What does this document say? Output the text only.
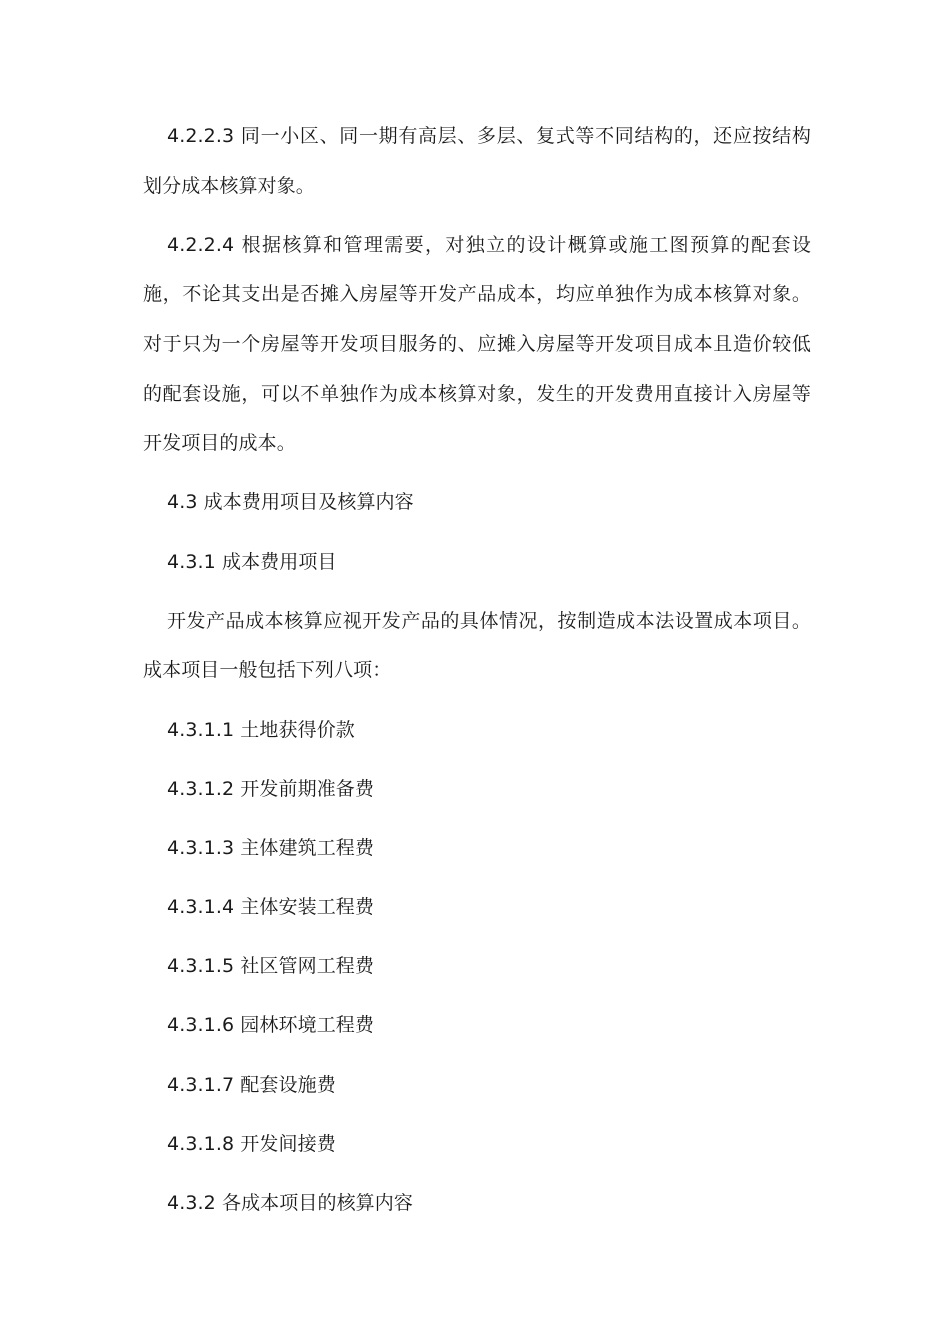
4.2.2.3 同一小区、同一期有高层、多层、复式等不同结构的，还应按结构划分成本核算对象。

4.2.2.4 根据核算和管理需要，对独立的设计概算或施工图预算的配套设施，不论其支出是否摊入房屋等开发产品成本，均应单独作为成本核算对象。对于只为一个房屋等开发项目服务的、应摊入房屋等开发项目成本且造价较低的配套设施，可以不单独作为成本核算对象，发生的开发费用直接计入房屋等开发项目的成本。

4.3 成本费用项目及核算内容

4.3.1 成本费用项目

开发产品成本核算应视开发产品的具体情况，按制造成本法设置成本项目。成本项目一般包括下列八项：

4.3.1.1 土地获得价款

4.3.1.2 开发前期准备费

4.3.1.3 主体建筑工程费

4.3.1.4 主体安装工程费

4.3.1.5 社区管网工程费

4.3.1.6 园林环境工程费

4.3.1.7 配套设施费

4.3.1.8 开发间接费

4.3.2 各成本项目的核算内容
